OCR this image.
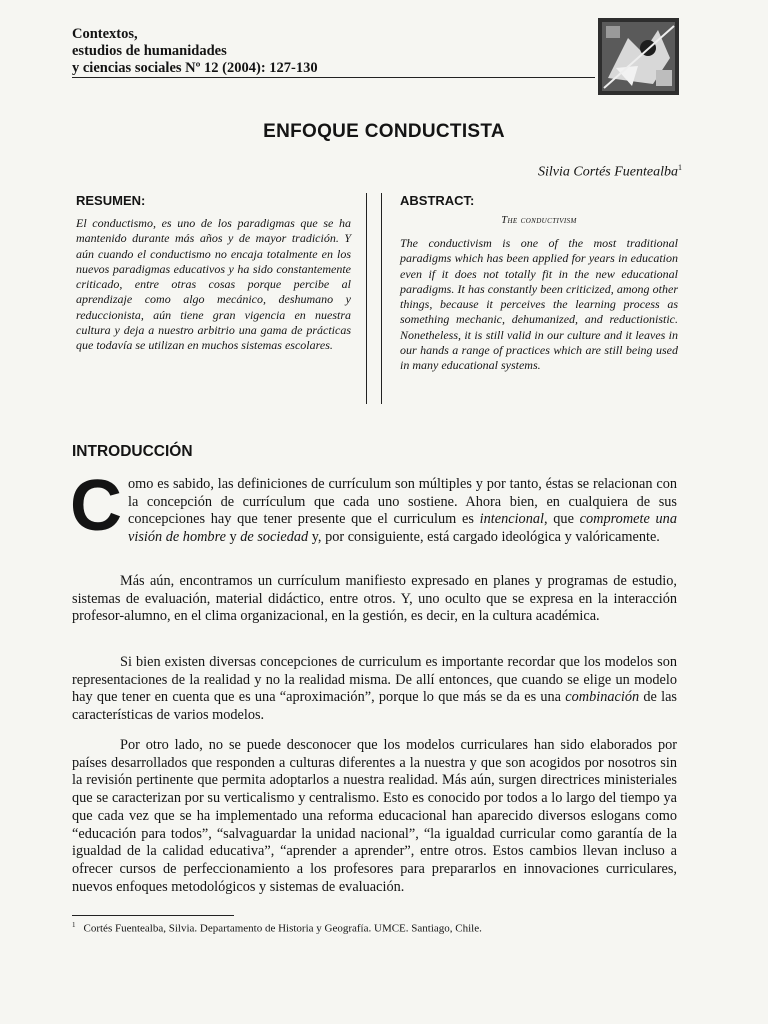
Contextos,
estudios de humanidades
y ciencias sociales Nº 12 (2004): 127-130
ENFOQUE CONDUCTISTA
Silvia Cortés Fuentealba$^1$
RESUMEN:
El conductismo, es uno de los paradigmas que se ha mantenido durante más años y de mayor tradición. Y aún cuando el conductismo no encaja totalmente en los nuevos paradigmas educativos y ha sido constantemente criticado, entre otras cosas porque percibe al aprendizaje como algo mecánico, deshumano y reduccionista, aún tiene gran vigencia en nuestra cultura y deja a nuestro arbitrio una gama de prácticas que todavía se utilizan en muchos sistemas escolares.
ABSTRACT:
The conductivism
The conductivism is one of the most traditional paradigms which has been applied for years in education even if it does not totally fit in the new educational paradigms. It has constantly been criticized, among other things, because it perceives the learning process as something mechanic, dehumanized, and reductionistic. Nonetheless, it is still valid in our culture and it leaves in our hands a range of practices which are still being used in many educational systems.
INTRODUCCIÓN
Como es sabido, las definiciones de currículum son múltiples y por tanto, éstas se relacionan con la concepción de currículum que cada uno sostiene. Ahora bien, en cualquiera de sus concepciones hay que tener presente que el curriculum es intencional, que compromete una visión de hombre y de sociedad y, por consiguiente, está cargado ideológica y valóricamente.
Más aún, encontramos un currículum manifiesto expresado en planes y programas de estudio, sistemas de evaluación, material didáctico, entre otros. Y, uno oculto que se expresa en la interacción profesor-alumno, en el clima organizacional, en la gestión, es decir, en la cultura académica.
Si bien existen diversas concepciones de curriculum es importante recordar que los modelos son representaciones de la realidad y no la realidad misma. De allí entonces, que cuando se elige un modelo hay que tener en cuenta que es una “aproximación”, porque lo que más se da es una combinación de las características de varios modelos.
Por otro lado, no se puede desconocer que los modelos curriculares han sido elaborados por países desarrollados que responden a culturas diferentes a la nuestra y que son acogidos por nosotros sin la revisión pertinente que permita adoptarlos a nuestra realidad. Más aún, surgen directrices ministeriales que se caracterizan por su verticalismo y centralismo. Esto es conocido por todos a lo largo del tiempo ya que cada vez que se ha implementado una reforma educacional han aparecido diversos eslogans como “educación para todos”, “salvaguardar la unidad nacional”, “la igualdad curricular como garantía de la igualdad de la calidad educativa”, “aprender a aprender”, entre otros. Estos cambios llevan incluso a ofrecer cursos de perfeccionamiento a los profesores para prepararlos en innovaciones curriculares, nuevos enfoques metodológicos y sistemas de evaluación.
$^1$ Cortés Fuentealba, Silvia. Departamento de Historia y Geografía. UMCE. Santiago, Chile.
